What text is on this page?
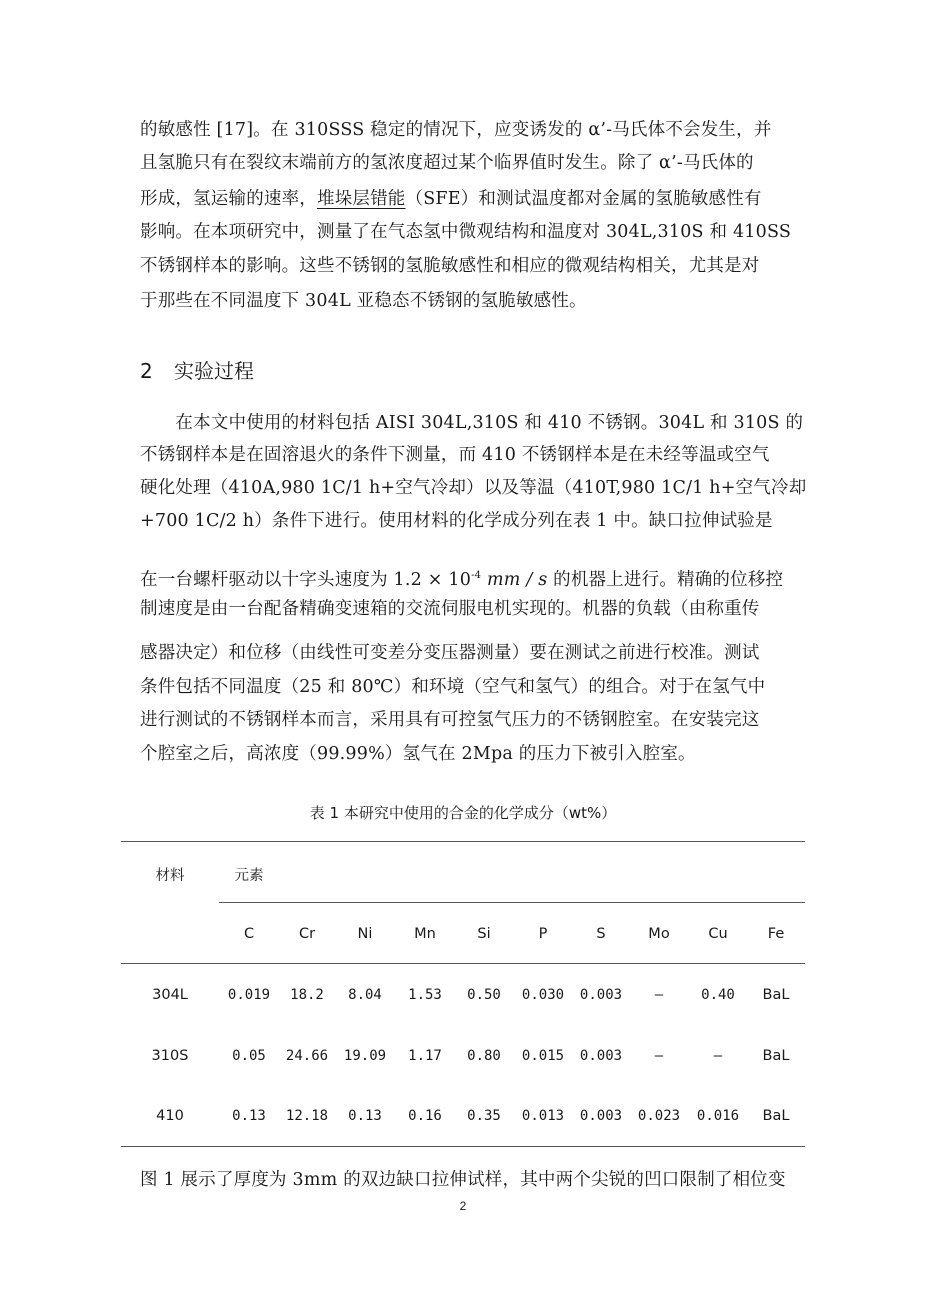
的敏感性 [17]。在 310SSS 稳定的情况下，应变诱发的 α’-马氏体不会发生，并
且氢脆只有在裂纹末端前方的氢浓度超过某个临界值时发生。除了 α’-马氏体的
形成，氢运输的速率，堆垛层错能（SFE）和测试温度都对金属的氢脆敏感性有
影响。在本项研究中，测量了在气态氢中微观结构和温度对 304L,310S 和 410SS
不锈钢样本的影响。这些不锈钢的氢脆敏感性和相应的微观结构相关，尤其是对
于那些在不同温度下 304L 亚稳态不锈钢的氢脆敏感性。
2 实验过程
　　在本文中使用的材料包括 AISI 304L,310S 和 410 不锈钢。304L 和 310S 的
不锈钢样本是在固溶退火的条件下测量，而 410 不锈钢样本是在未经等温或空气
硬化处理（410A,980 1C/1 h+空气冷却）以及等温（410T,980 1C/1 h+空气冷却
+700 1C/2 h）条件下进行。使用材料的化学成分列在表 1 中。缺口拉伸试验是
在一台螺杆驱动以十字头速度为 $1.2 \times 10^{-4}$ mm / s 的机器上进行。精确的位移控
制速度是由一台配备精确变速箱的交流伺服电机实现的。机器的负载（由称重传
感器决定）和位移（由线性可变差分变压器测量）要在测试之前进行校准。测试
条件包括不同温度（25 和 80℃）和环境（空气和氢气）的组合。对于在氢气中
进行测试的不锈钢样本而言，采用具有可控氢气压力的不锈钢腔室。在安装完这
个腔室之后，高浓度（99.99%）氢气在 2Mpa 的压力下被引入腔室。
表 1 本研究中使用的合金的化学成分（wt%）
材料	元素
C	Cr	Ni	Mn	Si	P	S	Mo	Cu	Fe
304L	0.019 18.2 8.04 1.53 0.50 0.030 0.003 –	0.40 BaL
310S	0.05 24.66 19.09 1.17 0.80 0.015 0.003 –	–	BaL
410	0.13 12.18 0.13 0.16 0.35 0.013 0.003 0.023 0.016 BaL
图 1 展示了厚度为 3mm 的双边缺口拉伸试样，其中两个尖锐的凹口限制了相位变
2
